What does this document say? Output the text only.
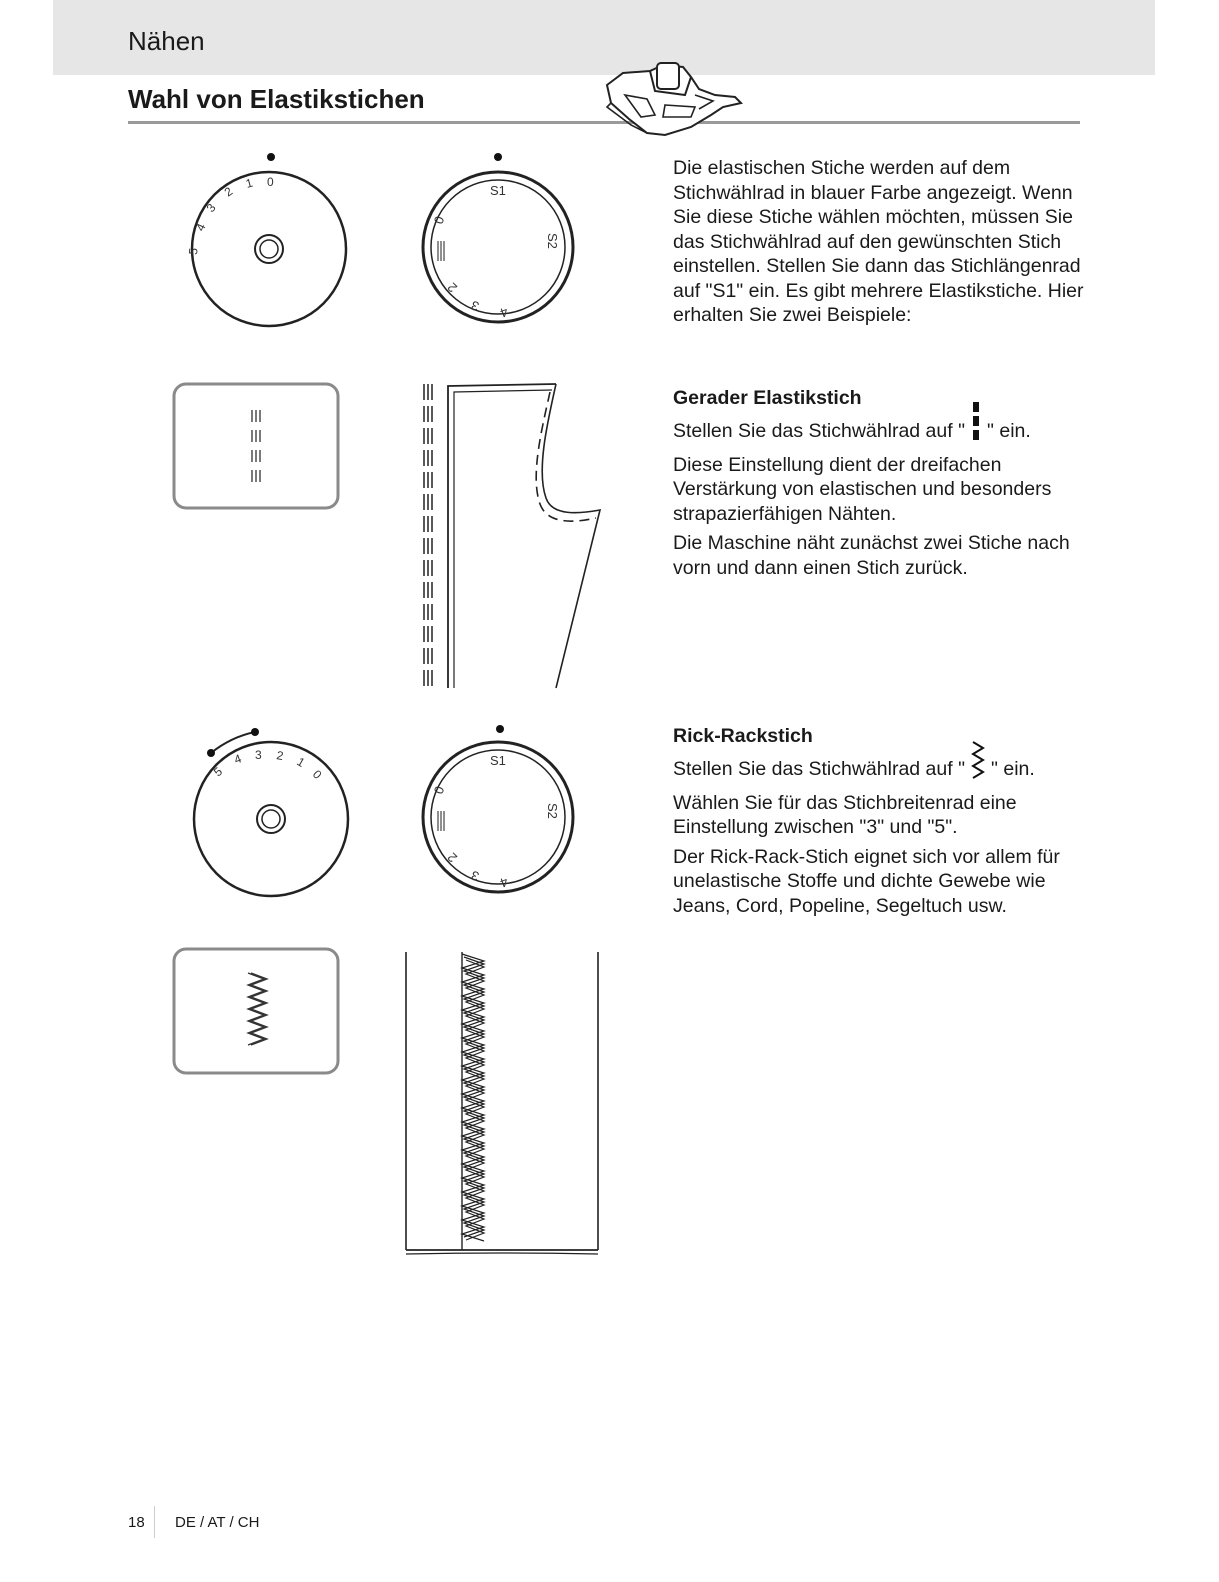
Nähen
Wahl von Elastikstichen
0
1
2
3
4
5
S1
S2
4
3
2
0
5
4 3 2 1
0
S1
S2
4
3
2
0

Die elastischen Stiche werden auf dem Stichwählrad in blauer Farbe angezeigt. Wenn Sie diese Stiche wählen möchten, müssen Sie das Stichwählrad auf den gewünschten Stich einstellen. Stellen Sie dann das Stichlängenrad auf "S1" ein. Es gibt mehrere Elastikstiche. Hier erhalten Sie zwei Beispiele:

Gerader Elastikstich

Stellen Sie das Stichwählrad auf " " ein.

Diese Einstellung dient der dreifachen Verstärkung von elastischen und besonders strapazierfähigen Nähten.

Die Maschine näht zunächst zwei Stiche nach vorn und dann einen Stich zurück.

Rick-Rackstich

Stellen Sie das Stichwählrad auf " " ein.

Wählen Sie für das Stichbreitenrad eine Einstellung zwischen "3" und "5".

Der Rick-Rack-Stich eignet sich vor allem für unelastische Stoffe und dichte Gewebe wie Jeans, Cord, Popeline, Segeltuch usw.

18 DE / AT / CH
